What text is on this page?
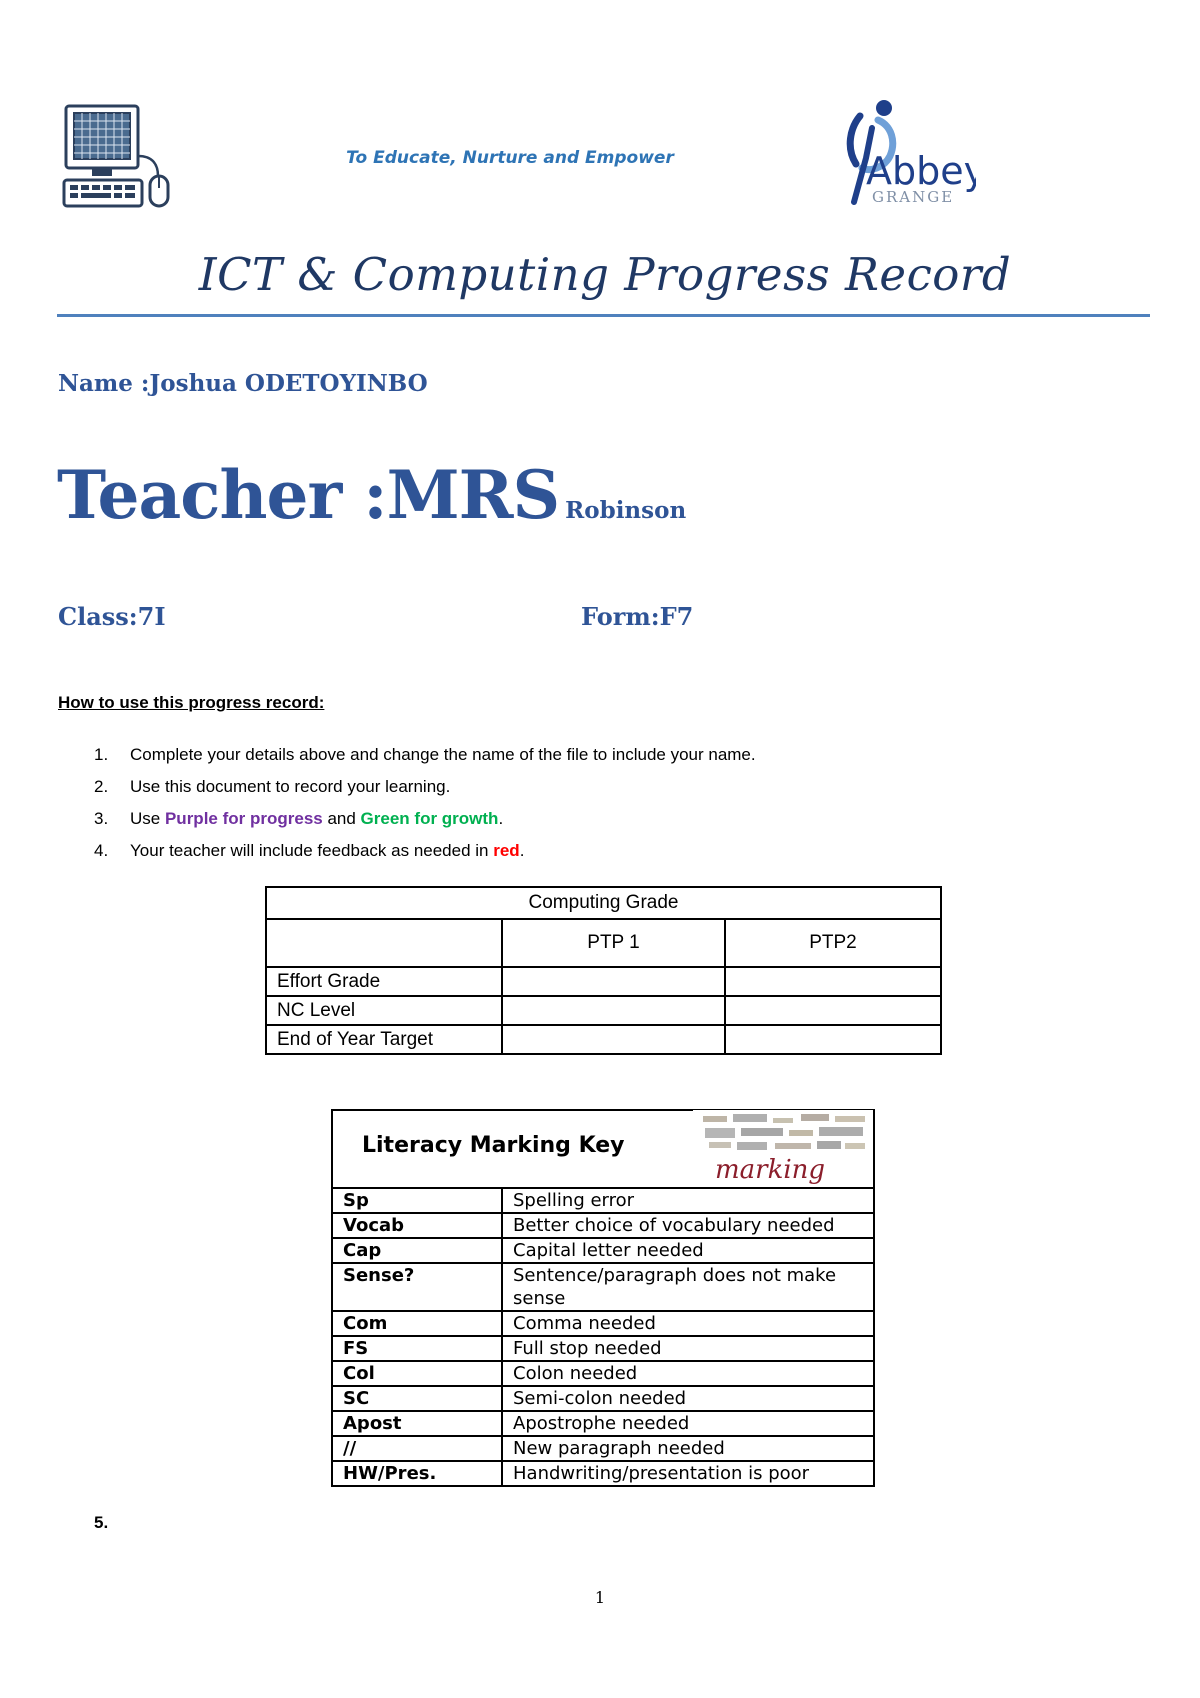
To Educate, Nurture and Empower	Abbey
GRANGE
ICT & Computing Progress Record
Name :Joshua ODETOYINBO
Teacher :MRS Robinson
Class:7I	Form:F7
How to use this progress record:
1. Complete your details above and change the name of the file to include your name.
2. Use this document to record your learning.
3. Use Purple for progress and Green for growth.
4. Your teacher will include feedback as needed in red.
Computing Grade		
	PTP 1	PTP2
Effort Grade		
NC Level		
End of Year Target		

Sp	Spelling error
Vocab	Better choice of vocabulary needed
Cap	Capital letter needed
Sense?	Sentence/paragraph does not make sense
Com	Comma needed
FS	Full stop needed
Col	Colon needed
SC	Semi-colon needed
Apost	Apostrophe needed
//	New paragraph needed
HW/Pres.	Handwriting/presentation is poor
Literacy Marking Key
marking
5.
1
